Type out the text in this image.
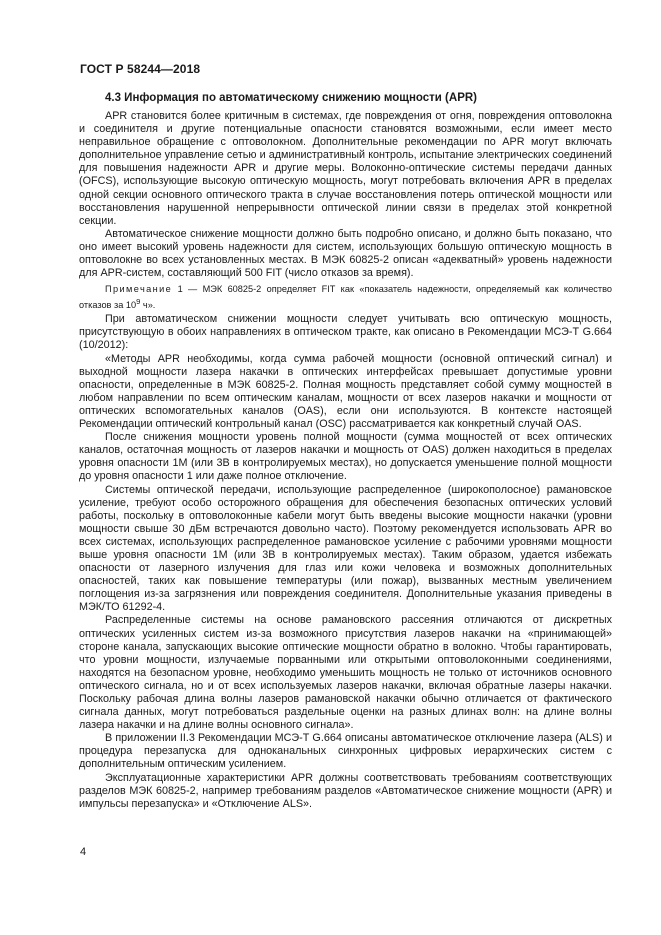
ГОСТ Р 58244—2018
4.3 Информация по автоматическому снижению мощности (APR)

APR становится более критичным в системах, где повреждения от огня, повреждения оптоволокна и соединителя и другие потенциальные опасности становятся возможными, если имеет место неправильное обращение с оптоволокном. Дополнительные рекомендации по APR могут включать дополнительное управление сетью и административный контроль, испытание электрических соединений для повышения надежности APR и другие меры. Волоконно-оптические системы передачи данных (OFCS), использующие высокую оптическую мощность, могут потребовать включения APR в пределах одной секции основного оптического тракта в случае восстановления потерь оптической мощности или восстановления нарушенной непрерывности оптической линии связи в пределах этой конкретной секции.

Автоматическое снижение мощности должно быть подробно описано, и должно быть показано, что оно имеет высокий уровень надежности для систем, использующих большую оптическую мощность в оптоволокне во всех установленных местах. В МЭК 60825-2 описан «адекватный» уровень надежности для APR-систем, составляющий 500 FIT (число отказов за время).

Примечание 1 — МЭК 60825-2 определяет FIT как «показатель надежности, определяемый как количество отказов за $10^9$ ч».

При автоматическом снижении мощности следует учитывать всю оптическую мощность, присутствующую в обоих направлениях в оптическом тракте, как описано в Рекомендации МСЭ-Т G.664 (10/2012):

«Методы APR необходимы, когда сумма рабочей мощности (основной оптический сигнал) и выходной мощности лазера накачки в оптических интерфейсах превышает допустимые уровни опасности, определенные в МЭК 60825-2. Полная мощность представляет собой сумму мощностей в любом направлении по всем оптическим каналам, мощности от всех лазеров накачки и мощности от оптических вспомогательных каналов (OAS), если они используются. В контексте настоящей Рекомендации оптический контрольный канал (OSC) рассматривается как конкретный случай OAS.

После снижения мощности уровень полной мощности (сумма мощностей от всех оптических каналов, остаточная мощность от лазеров накачки и мощность от OAS) должен находиться в пределах уровня опасности 1М (или 3В в контролируемых местах), но допускается уменьшение полной мощности до уровня опасности 1 или даже полное отключение.

Системы оптической передачи, использующие распределенное (широкополосное) рамановское усиление, требуют особо осторожного обращения для обеспечения безопасных оптических условий работы, поскольку в оптоволоконные кабели могут быть введены высокие мощности накачки (уровни мощности свыше 30 дБм встречаются довольно часто). Поэтому рекомендуется использовать APR во всех системах, использующих распределенное рамановское усиление с рабочими уровнями мощности выше уровня опасности 1М (или 3В в контролируемых местах). Таким образом, удается избежать опасности от лазерного излучения для глаз или кожи человека и возможных дополнительных опасностей, таких как повышение температуры (или пожар), вызванных местным увеличением поглощения из-за загрязнения или повреждения соединителя. Дополнительные указания приведены в МЭК/ТО 61292-4.

Распределенные системы на основе рамановского рассеяния отличаются от дискретных оптических усиленных систем из-за возможного присутствия лазеров накачки на «принимающей» стороне канала, запускающих высокие оптические мощности обратно в волокно. Чтобы гарантировать, что уровни мощности, излучаемые порванными или открытыми оптоволоконными соединениями, находятся на безопасном уровне, необходимо уменьшить мощность не только от источников основного оптического сигнала, но и от всех используемых лазеров накачки, включая обратные лазеры накачки. Поскольку рабочая длина волны лазеров рамановской накачки обычно отличается от фактического сигнала данных, могут потребоваться раздельные оценки на разных длинах волн: на длине волны лазера накачки и на длине волны основного сигнала».

В приложении II.3 Рекомендации МСЭ-Т G.664 описаны автоматическое отключение лазера (ALS) и процедура перезапуска для одноканальных синхронных цифровых иерархических систем с дополнительным оптическим усилением.

Эксплуатационные характеристики APR должны соответствовать требованиям соответствующих разделов МЭК 60825-2, например требованиям разделов «Автоматическое снижение мощности (APR) и импульсы перезапуска» и «Отключение ALS».

4
